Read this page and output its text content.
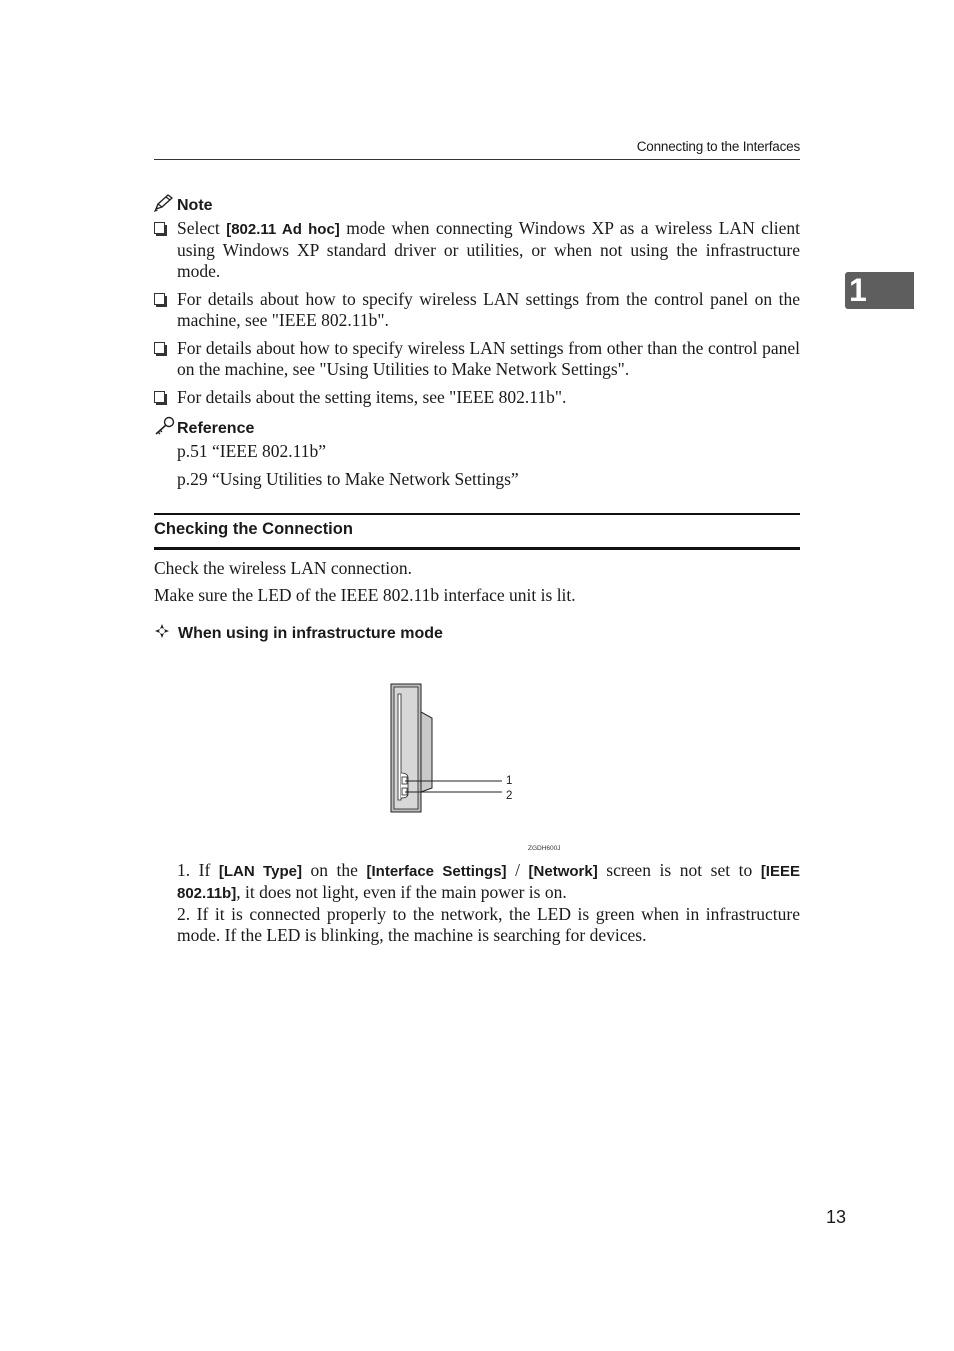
Connecting to the Interfaces
1
Note
Select [802.11 Ad hoc] mode when connecting Windows XP as a wireless LAN client using Windows XP standard driver or utilities, or when not using the infrastructure mode.
For details about how to specify wireless LAN settings from the control panel on the machine, see "IEEE 802.11b".
For details about how to specify wireless LAN settings from other than the control panel on the machine, see "Using Utilities to Make Network Settings".
For details about the setting items, see "IEEE 802.11b".
Reference
p.51 “IEEE 802.11b”
p.29 “Using Utilities to Make Network Settings”
Checking the Connection
Check the wireless LAN connection.
Make sure the LED of the IEEE 802.11b interface unit is lit.
When using in infrastructure mode
1
2
ZGDH600J
1. If [LAN Type] on the [Interface Settings] / [Network] screen is not set to [IEEE 802.11b], it does not light, even if the main power is on.
2. If it is connected properly to the network, the LED is green when in infrastructure mode. If the LED is blinking, the machine is searching for devices.
13
